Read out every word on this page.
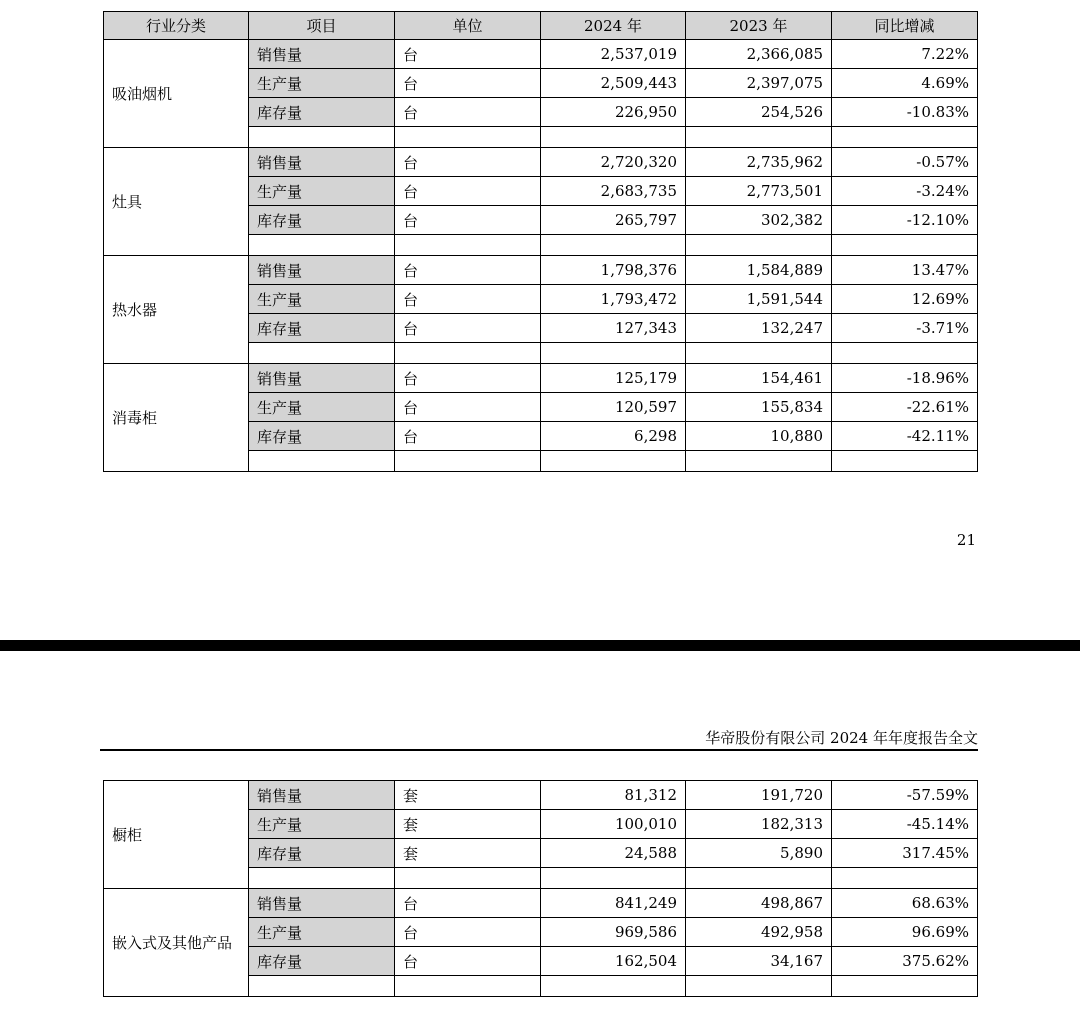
行业分类	项目	单位	2024 年	2023 年	同比增减
吸油烟机	销售量	台	2,537,019	2,366,085	7.22%
	生产量	台	2,509,443	2,397,075	4.69%
	库存量	台	226,950	254,526	-10.83%

灶具	销售量	台	2,720,320	2,735,962	-0.57%
	生产量	台	2,683,735	2,773,501	-3.24%
	库存量	台	265,797	302,382	-12.10%

热水器	销售量	台	1,798,376	1,584,889	13.47%
	生产量	台	1,793,472	1,591,544	12.69%
	库存量	台	127,343	132,247	-3.71%

消毒柜	销售量	台	125,179	154,461	-18.96%
	生产量	台	120,597	155,834	-22.61%
	库存量	台	6,298	10,880	-42.11%

21
华帝股份有限公司 2024 年年度报告全文
橱柜	销售量	套	81,312	191,720	-57.59%
	生产量	套	100,010	182,313	-45.14%
	库存量	套	24,588	5,890	317.45%

嵌入式及其他产品	销售量	台	841,249	498,867	68.63%
	生产量	台	969,586	492,958	96.69%
	库存量	台	162,504	34,167	375.62%
